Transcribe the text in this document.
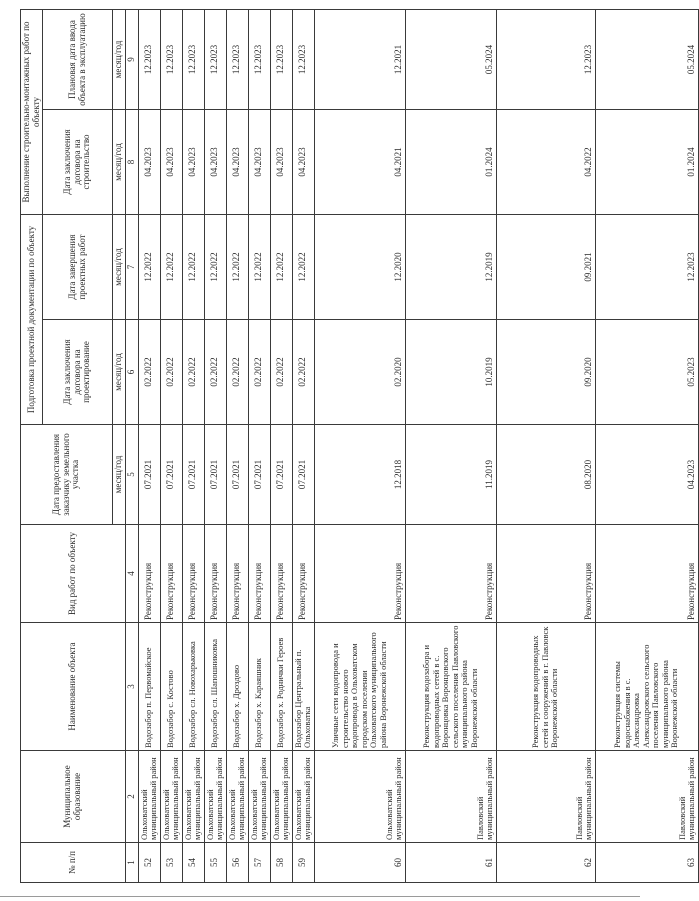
№ п/п	Муниципальное образование	Наименование объекта	Вид работ по объекту	Дата предоставления заказчику земельного участка	Подготовка проектной документации по объекту		Выполнение строительно-монтажных работ по объекту	
					Дата заключения договора на проектирование	Дата завершения проектных работ	Дата заключения договора на строительство	Плановая дата ввода объекта в эксплуатацию
				месяц/год	месяц/год	месяц/год	месяц/год	месяц/год
1	2	3	4	5	6	7	8	9
52	Ольховатский муниципальный район	Водозабор п. Первомайское	Реконструкция	07.2021	02.2022	12.2022	04.2023	12.2023
53	Ольховатский муниципальный район	Водозабор с. Костово	Реконструкция	07.2021	02.2022	12.2022	04.2023	12.2023
54	Ольховатский муниципальный район	Водозабор сл. Новохарьковка	Реконструкция	07.2021	02.2022	12.2022	04.2023	12.2023
55	Ольховатский муниципальный район	Водозабор сл. Шапошниковка	Реконструкция	07.2021	02.2022	12.2022	04.2023	12.2023
56	Ольховатский муниципальный район	Водозабор х. Дроздово	Реконструкция	07.2021	02.2022	12.2022	04.2023	12.2023
57	Ольховатский муниципальный район	Водозабор х. Караяшник	Реконструкция	07.2021	02.2022	12.2022	04.2023	12.2023
58	Ольховатский муниципальный район	Водозабор х. Роднички Героев	Реконструкция	07.2021	02.2022	12.2022	04.2023	12.2023
59	Ольховатский муниципальный район	Водозабор Центральный п. Ольховатка	Реконструкция	07.2021	02.2022	12.2022	04.2023	12.2023
60	Ольховатский муниципальный район	Уличные сети водопровода и строительство нового водопровода в Ольховатском городском поселении Ольховатского муниципального района Воронежской области	Реконструкция	12.2018	02.2020	12.2020	04.2021	12.2021
61	Павловский муниципальный район	Реконструкция водозабора и водопроводных сетей в с. Воронцовка Воронцовского сельского поселения Павловского муниципального района Воронежской области	Реконструкция	11.2019	10.2019	12.2019	01.2024	05.2024
62	Павловский муниципальный район	Реконструкция водопроводных сетей и сооружений в г. Павловск Воронежской области	Реконструкция	08.2020	09.2020	09.2021	04.2022	12.2023
63	Павловский муниципальный район	Реконструкция системы водоснабжения в с. Александровка Александровского сельского поселения Павловского муниципального района Воронежской области	Реконструкция	04.2023	05.2023	12.2023	01.2024	05.2024
